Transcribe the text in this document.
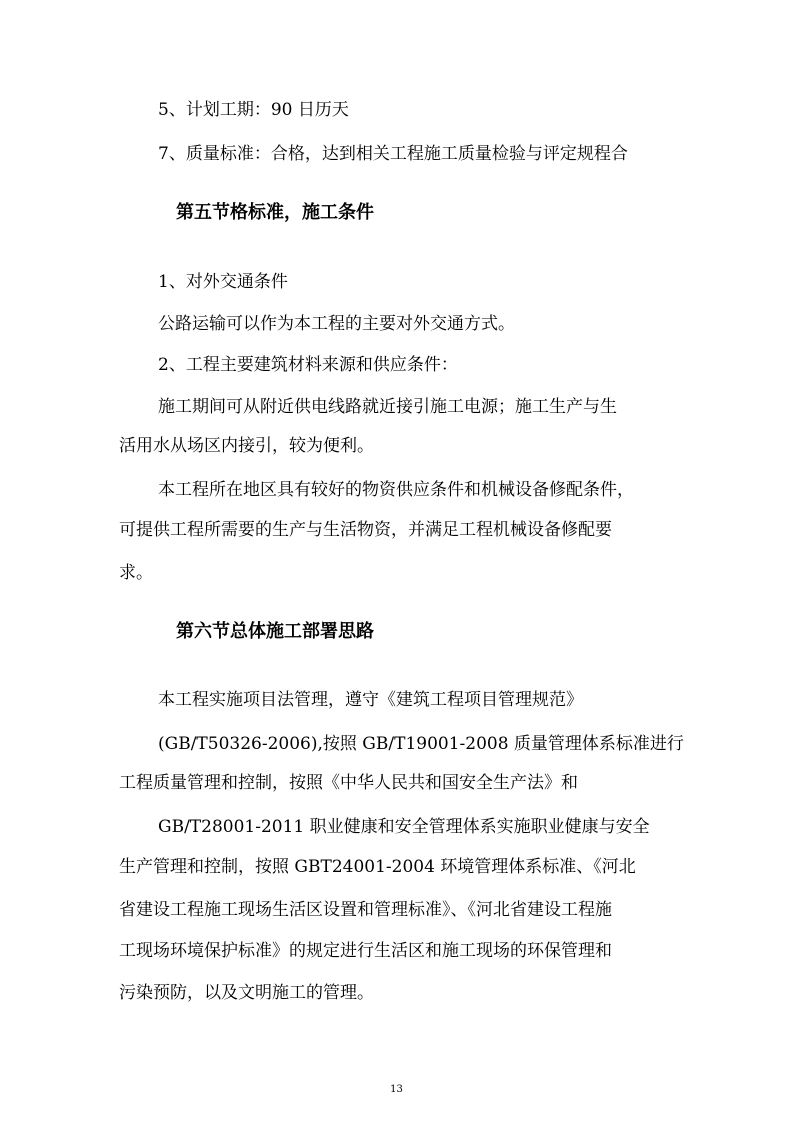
5、计划工期：90 日历天

7、质量标准：合格，达到相关工程施工质量检验与评定规程合

第五节格标准，施工条件

1、对外交通条件

公路运输可以作为本工程的主要对外交通方式。

2、工程主要建筑材料来源和供应条件：

施工期间可从附近供电线路就近接引施工电源；施工生产与生

活用水从场区内接引，较为便利。

本工程所在地区具有较好的物资供应条件和机械设备修配条件，

可提供工程所需要的生产与生活物资，并满足工程机械设备修配要

求。

第六节总体施工部署思路

本工程实施项目法管理，遵守《建筑工程项目管理规范》

(GB/T50326-2006),按照 GB/T19001-2008 质量管理体系标准进行

工程质量管理和控制，按照《中华人民共和国安全生产法》和

GB/T28001-2011 职业健康和安全管理体系实施职业健康与安全

生产管理和控制，按照 GBT24001-2004 环境管理体系标准、《河北

省建设工程施工现场生活区设置和管理标准》、《河北省建设工程施

工现场环境保护标准》的规定进行生活区和施工现场的环保管理和

污染预防，以及文明施工的管理。

13
